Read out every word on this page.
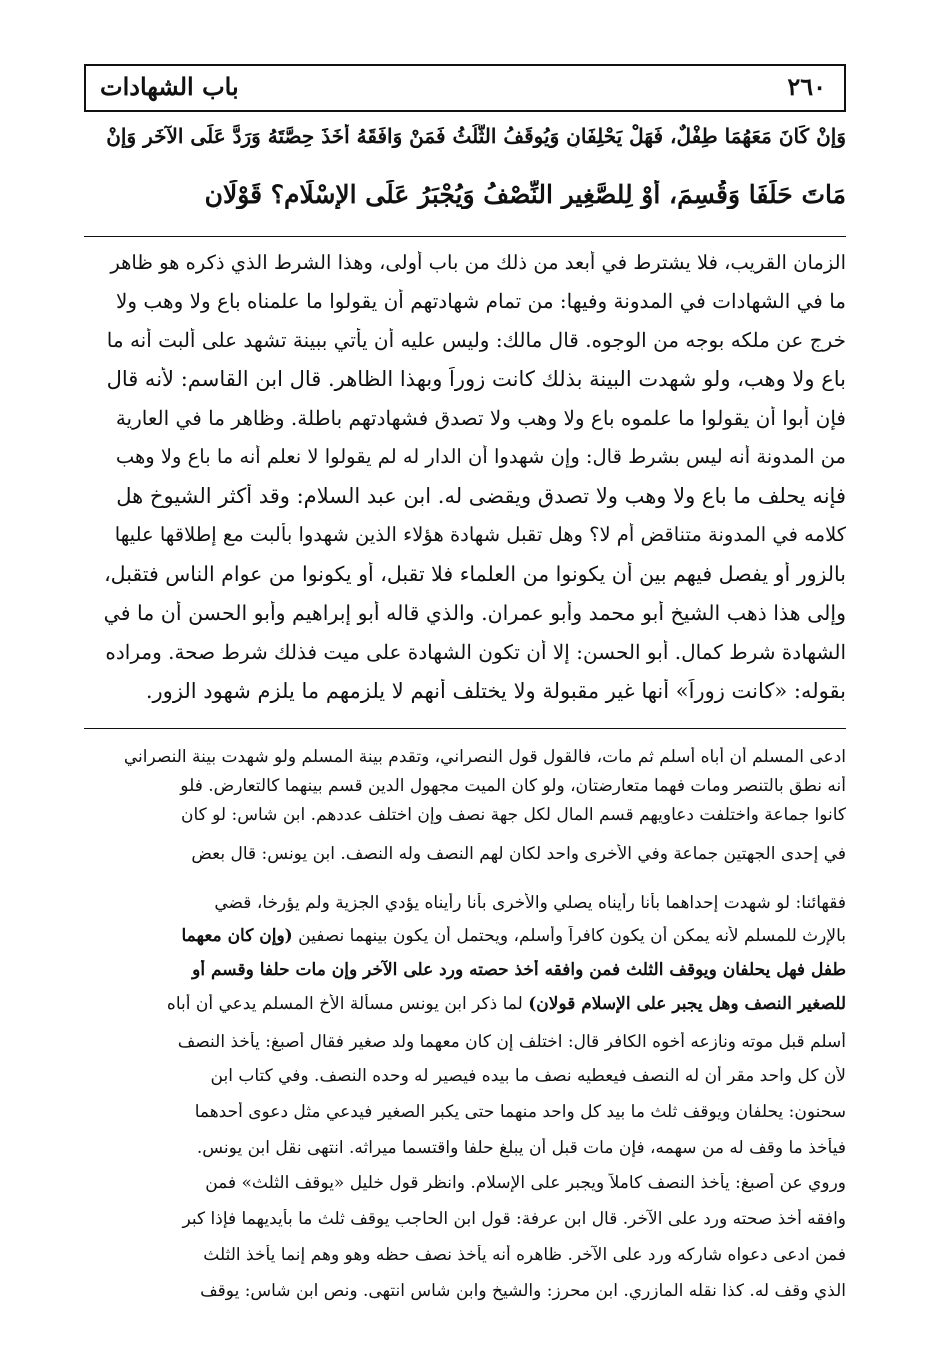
باب الشهادات	٢٦٠
وَإِنْ كَانَ مَعَهُمَا طِفْلٌ، فَهَلْ يَحْلِفَانِ وَيُوقَفُ الثُّلُثُ فَمَنْ وَافَقَهُ أَخَذَ حِصَّتَهُ وَرَدَّ عَلَى الآخَرِ وَإِنْ
مَاتَ حَلَفَا وَقُسِمَ، أَوْ لِلصَّغِيرِ النِّصْفُ وَيُجْبَرُ عَلَى الإِسْلَامِ؟ قَوْلَانِ
الزمان القريب، فلا يشترط في أبعد من ذلك من باب أولى، وهذا الشرط الذي ذكره هو ظاهر
ما في الشهادات في المدونة وفيها: من تمام شهادتهم أن يقولوا ما علمناه باع ولا وهب ولا
خرج عن ملكه بوجه من الوجوه. قال مالك: وليس عليه أن يأتي ببينة تشهد على ألبت أنه ما
باع ولا وهب، ولو شهدت البينة بذلك كانت زوراً وبهذا الظاهر. قال ابن القاسم: لأنه قال
فإن أبوا أن يقولوا ما علموه باع ولا وهب ولا تصدق فشهادتهم باطلة. وظاهر ما في العارية
من المدونة أنه ليس بشرط قال: وإن شهدوا أن الدار له لم يقولوا لا نعلم أنه ما باع ولا وهب
فإنه يحلف ما باع ولا وهب ولا تصدق ويقضى له. ابن عبد السلام: وقد أكثر الشيوخ هل
كلامه في المدونة متناقض أم لا؟ وهل تقبل شهادة هؤلاء الذين شهدوا بألبت مع إطلاقها عليها
بالزور أو يفصل فيهم بين أن يكونوا من العلماء فلا تقبل، أو يكونوا من عوام الناس فتقبل،
وإلى هذا ذهب الشيخ أبو محمد وأبو عمران. والذي قاله أبو إبراهيم وأبو الحسن أن ما في
الشهادة شرط كمال. أبو الحسن: إلا أن تكون الشهادة على ميت فذلك شرط صحة. ومراده
بقوله: «كانت زوراً» أنها غير مقبولة ولا يختلف أنهم لا يلزمهم ما يلزم شهود الزور.
ادعى المسلم أن أباه أسلم ثم مات، فالقول قول النصراني، وتقدم بينة المسلم ولو شهدت بينة النصراني
أنه نطق بالتنصر ومات فهما متعارضتان، ولو كان الميت مجهول الدين قسم بينهما كالتعارض. فلو
كانوا جماعة واختلفت دعاويهم قسم المال لكل جهة نصف وإن اختلف عددهم. ابن شاس: لو كان
في إحدى الجهتين جماعة وفي الأخرى واحد لكان لهم النصف وله النصف. ابن يونس: قال بعض
فقهائنا: لو شهدت إحداهما بأنا رأيناه يصلي والأخرى بأنا رأيناه يؤدي الجزية ولم يؤرخا، قضي
بالإرث للمسلم لأنه يمكن أن يكون كافراً وأسلم، ويحتمل أن يكون بينهما نصفين (وإن كان معهما
طفل فهل يحلفان ويوقف الثلث فمن وافقه أخذ حصته ورد على الآخر وإن مات حلفا وقسم أو
للصغير النصف وهل يجبر على الإسلام قولان) لما ذكر ابن يونس مسألة الأخ المسلم يدعي أن أباه
أسلم قبل موته ونازعه أخوه الكافر قال: اختلف إن كان معهما ولد صغير فقال أصبغ: يأخذ النصف
لأن كل واحد مقر أن له النصف فيعطيه نصف ما بيده فيصير له وحده النصف. وفي كتاب ابن
سحنون: يحلفان ويوقف ثلث ما بيد كل واحد منهما حتى يكبر الصغير فيدعي مثل دعوى أحدهما
فيأخذ ما وقف له من سهمه، فإن مات قبل أن يبلغ حلفا واقتسما ميراثه. انتهى نقل ابن يونس.
وروي عن أصبغ: يأخذ النصف كاملاً ويجبر على الإسلام. وانظر قول خليل «يوقف الثلث» فمن
وافقه أخذ صحته ورد على الآخر. قال ابن عرفة: قول ابن الحاجب يوقف ثلث ما بأيديهما فإذا كبر
فمن ادعى دعواه شاركه ورد على الآخر. ظاهره أنه يأخذ نصف حظه وهو وهم إنما يأخذ الثلث
الذي وقف له. كذا نقله المازري. ابن محرز: والشيخ وابن شاس انتهى. ونص ابن شاس: يوقف
